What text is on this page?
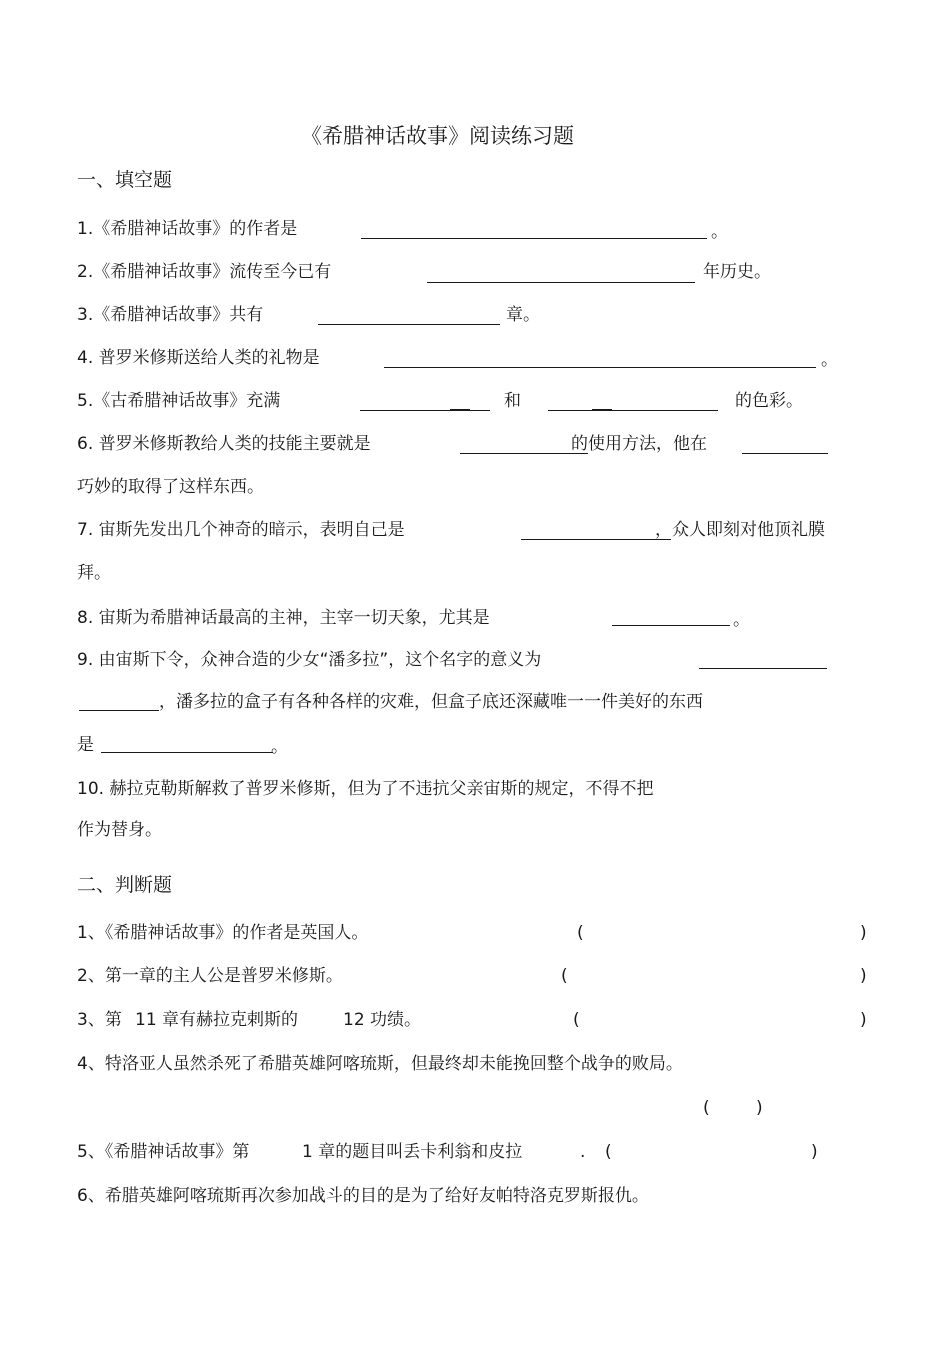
《希腊神话故事》阅读练习题
一、填空题
1.《希腊神话故事》的作者是	。
2.《希腊神话故事》流传至今已有	年历史。
3.《希腊神话故事》共有	章。
4. 普罗米修斯送给人类的礼物是	。
5.《古希腊神话故事》充满	和	的色彩。
6. 普罗米修斯教给人类的技能主要就是	的使用方法，他在
巧妙的取得了这样东西。
7. 宙斯先发出几个神奇的暗示，表明自己是	，众人即刻对他顶礼膜
拜。
8. 宙斯为希腊神话最高的主神，主宰一切天象，尤其是	。
9. 由宙斯下令，众神合造的少女“潘多拉”，这个名字的意义为
，潘多拉的盒子有各种各样的灾难，但盒子底还深藏唯一一件美好的东西
是	。
10. 赫拉克勒斯解救了普罗米修斯，但为了不违抗父亲宙斯的规定，不得不把
作为替身。
二、判断题
1、《希腊神话故事》的作者是英国人。	(	)
2、第一章的主人公是普罗米修斯。	(	)
3、第 11 章有赫拉克剌斯的	12 功绩。	(	)
4、特洛亚人虽然杀死了希腊英雄阿喀琉斯，但最终却未能挽回整个战争的败局。
(	)
5、《希腊神话故事》第	1 章的题目叫丢卡利翁和皮拉	. (	)
6、希腊英雄阿喀琉斯再次参加战斗的目的是为了给好友帕特洛克罗斯报仇。
